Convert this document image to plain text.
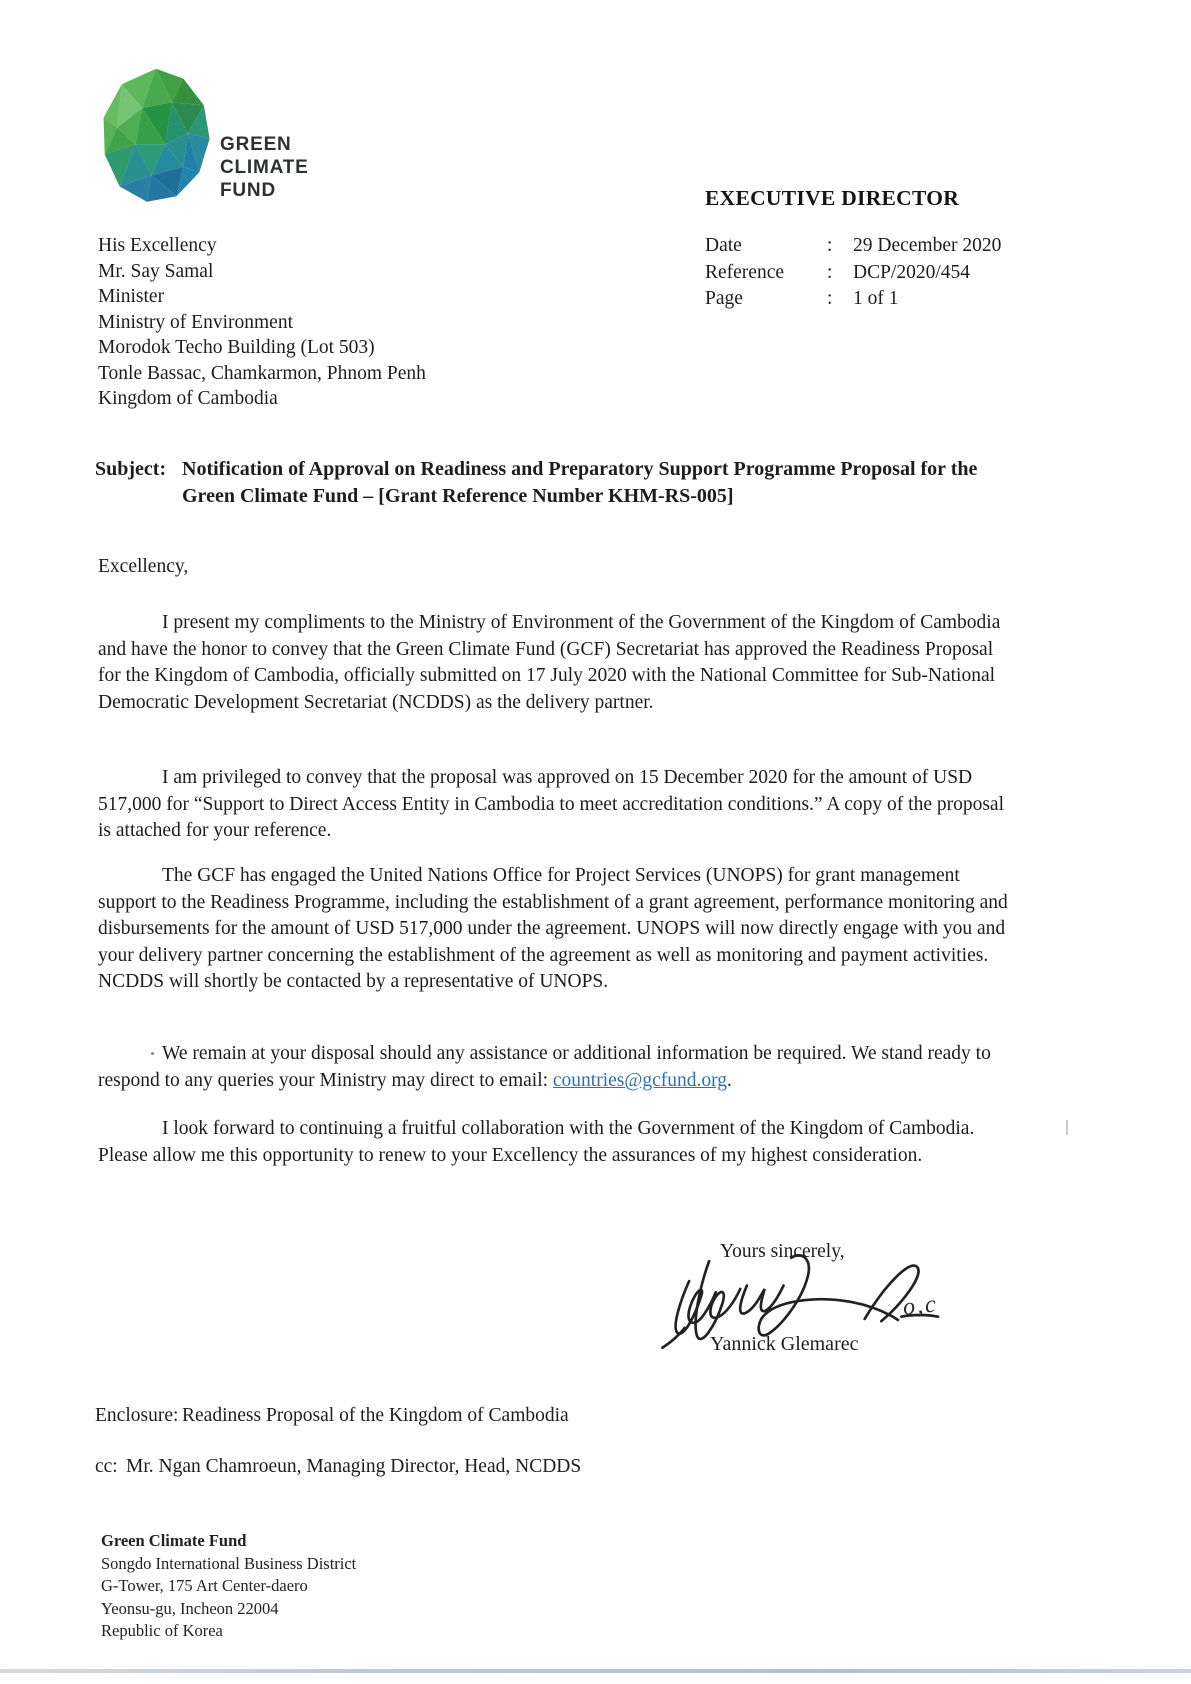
GREEN
CLIMATE
FUND	EXECUTIVE DIRECTOR
Date	:	29 December 2020
Reference	:	DCP/2020/454
Page	:	1 of 1
His Excellency
Mr. Say Samal
Minister
Ministry of Environment
Morodok Techo Building (Lot 503)
Tonle Bassac, Chamkarmon, Phnom Penh
Kingdom of Cambodia
Subject: Notification of Approval on Readiness and Preparatory Support Programme Proposal for the Green Climate Fund – [Grant Reference Number KHM-RS-005]
Excellency,

I present my compliments to the Ministry of Environment of the Government of the Kingdom of Cambodia and have the honor to convey that the Green Climate Fund (GCF) Secretariat has approved the Readiness Proposal for the Kingdom of Cambodia, officially submitted on 17 July 2020 with the National Committee for Sub-National Democratic Development Secretariat (NCDDS) as the delivery partner.

I am privileged to convey that the proposal was approved on 15 December 2020 for the amount of USD 517,000 for “Support to Direct Access Entity in Cambodia to meet accreditation conditions.” A copy of the proposal is attached for your reference.

The GCF has engaged the United Nations Office for Project Services (UNOPS) for grant management support to the Readiness Programme, including the establishment of a grant agreement, performance monitoring and disbursements for the amount of USD 517,000 under the agreement. UNOPS will now directly engage with you and your delivery partner concerning the establishment of the agreement as well as monitoring and payment activities. NCDDS will shortly be contacted by a representative of UNOPS.

We remain at your disposal should any assistance or additional information be required. We stand ready to respond to any queries your Ministry may direct to email: countries@gcfund.org.

I look forward to continuing a fruitful collaboration with the Government of the Kingdom of Cambodia. Please allow me this opportunity to renew to your Excellency the assurances of my highest consideration.

Yours sincerely,
o,c
Yannick Glemarec
Enclosure: Readiness Proposal of the Kingdom of Cambodia
cc: Mr. Ngan Chamroeun, Managing Director, Head, NCDDS
Green Climate Fund
Songdo International Business District
G-Tower, 175 Art Center-daero
Yeonsu-gu, Incheon 22004
Republic of Korea
